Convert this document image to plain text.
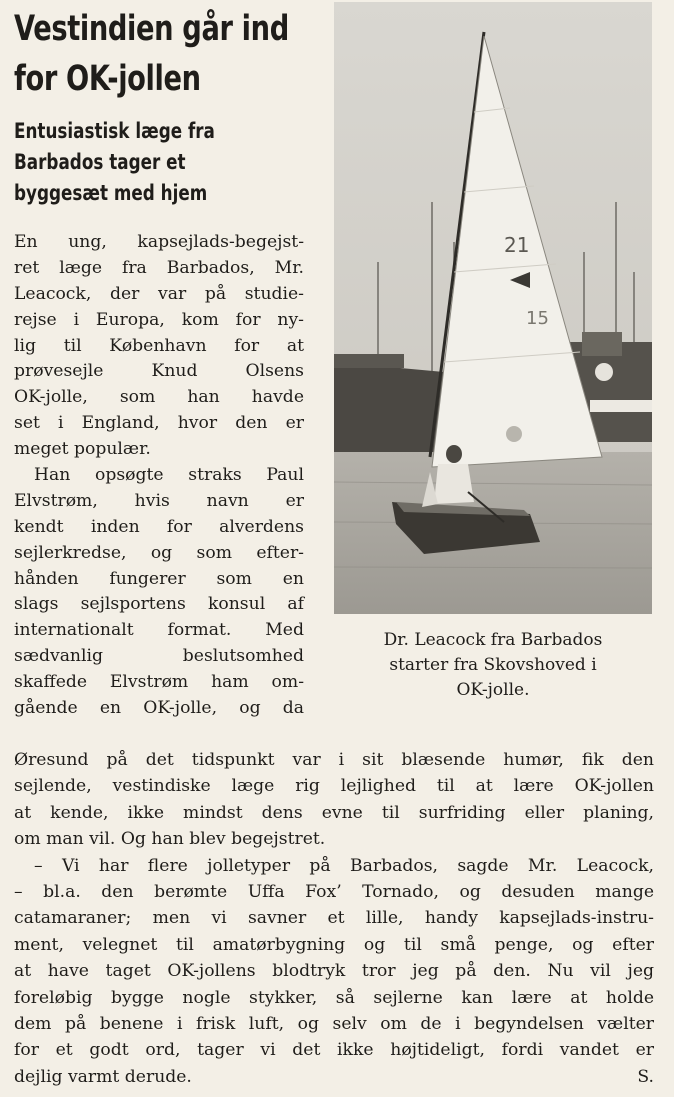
Vestindien går ind
for OK-jollen
Entusiastisk læge fra
Barbados tager et
byggesæt med hjem
21
15
Dr. Leacock fra Barbados
starter fra Skovshoved i
OK-jolle.
En ung, kapsejlads-begejst-
ret læge fra Barbados, Mr.
Leacock, der var på studie-
rejse i Europa, kom for ny-
lig til København for at
prøvesejle Knud Olsens
OK-jolle, som han havde
set i England, hvor den er
meget populær.
Han opsøgte straks Paul
Elvstrøm, hvis navn er
kendt inden for alverdens
sejlerkredse, og som efter-
hånden fungerer som en
slags sejlsportens konsul af
internationalt format. Med
sædvanlig beslutsomhed
skaffede Elvstrøm ham om-
gående en OK-jolle, og da
Øresund på det tidspunkt var i sit blæsende humør, fik den
sejlende, vestindiske læge rig lejlighed til at lære OK-jollen
at kende, ikke mindst dens evne til surfriding eller planing,
om man vil. Og han blev begejstret.
– Vi har flere jolletyper på Barbados, sagde Mr. Leacock,
– bl.a. den berømte Uffa Fox’ Tornado, og desuden mange
catamaraner; men vi savner et lille, handy kapsejlads-instru-
ment, velegnet til amatørbygning og til små penge, og efter
at have taget OK-jollens blodtryk tror jeg på den. Nu vil jeg
foreløbig bygge nogle stykker, så sejlerne kan lære at holde
dem på benene i frisk luft, og selv om de i begyndelsen vælter
for et godt ord, tager vi det ikke højtideligt, fordi vandet er
dejlig varmt derude.	S.
